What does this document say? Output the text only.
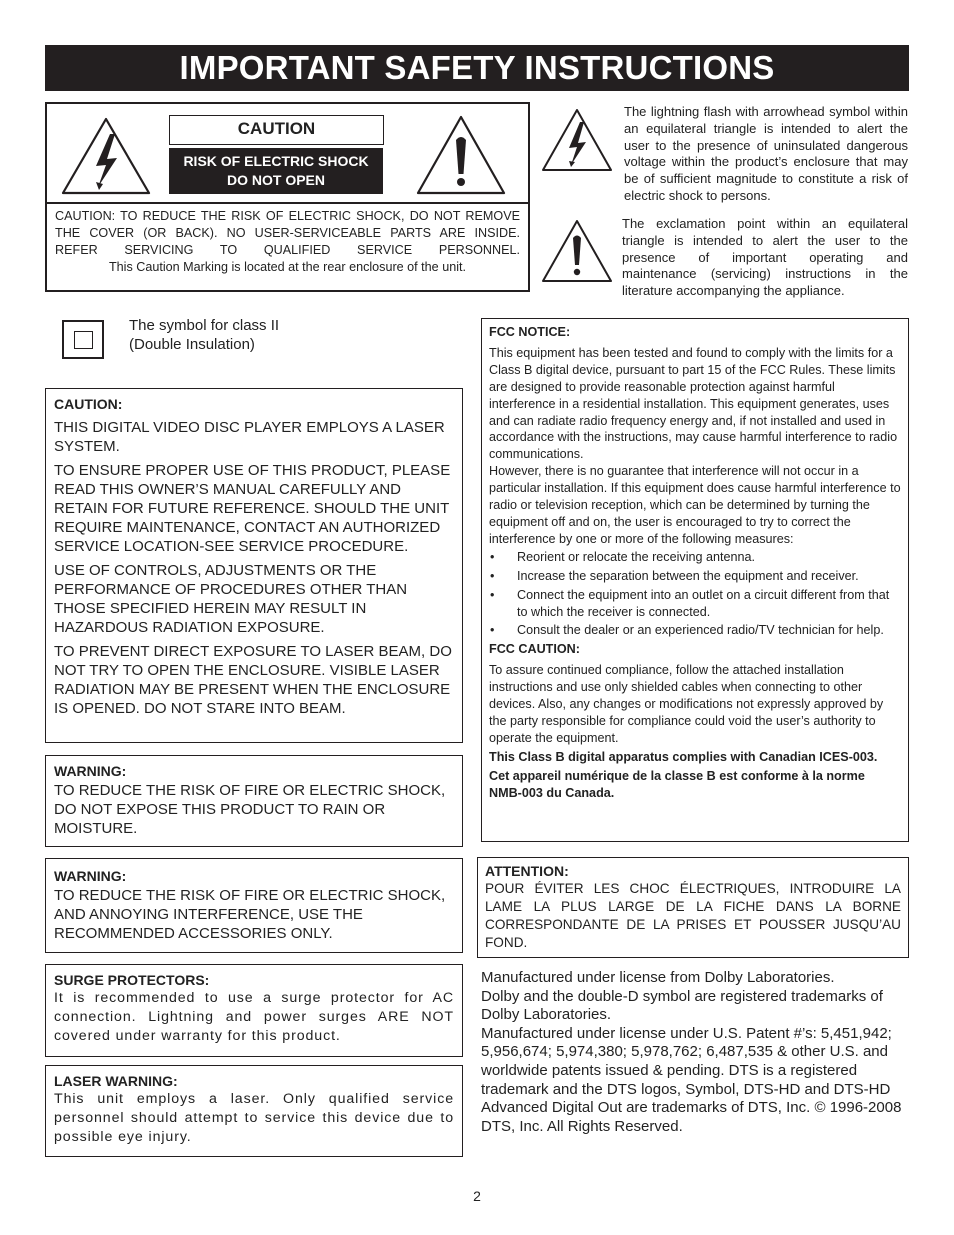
IMPORTANT SAFETY INSTRUCTIONS
CAUTION
RISK OF ELECTRIC SHOCK
DO NOT OPEN
CAUTION: TO REDUCE THE RISK OF ELECTRIC SHOCK, DO NOT REMOVE THE COVER (OR BACK). NO USER-SERVICEABLE PARTS ARE INSIDE. REFER SERVICING TO QUALIFIED SERVICE PERSONNEL.
This Caution Marking is located at the rear enclosure of the unit.
The lightning flash with arrowhead symbol within an equilateral triangle is intended to alert the user to the presence of uninsulated dangerous voltage within the product’s enclosure that may be of sufficient magnitude to constitute a risk of electric shock to persons.
The exclamation point within an equilateral triangle is intended to alert the user to the presence of important operating and maintenance (servicing) instructions in the literature accompanying the appliance.
The symbol for class II
(Double Insulation)
CAUTION:

THIS DIGITAL VIDEO DISC PLAYER EMPLOYS A LASER SYSTEM.

TO ENSURE PROPER USE OF THIS PRODUCT, PLEASE READ THIS OWNER’S MANUAL CAREFULLY AND RETAIN FOR FUTURE REFERENCE. SHOULD THE UNIT REQUIRE MAINTENANCE, CONTACT AN AUTHORIZED SERVICE LOCATION-SEE SERVICE PROCEDURE.

USE OF CONTROLS, ADJUSTMENTS OR THE PERFORMANCE OF PROCEDURES OTHER THAN THOSE SPECIFIED HEREIN MAY RESULT IN HAZARDOUS RADIATION EXPOSURE.

TO PREVENT DIRECT EXPOSURE TO LASER BEAM, DO NOT TRY TO OPEN THE ENCLOSURE. VISIBLE LASER RADIATION MAY BE PRESENT WHEN THE ENCLOSURE IS OPENED. DO NOT STARE INTO BEAM.

WARNING:

TO REDUCE THE RISK OF FIRE OR ELECTRIC SHOCK, DO NOT EXPOSE THIS PRODUCT TO RAIN OR MOISTURE.

WARNING:

TO REDUCE THE RISK OF FIRE OR ELECTRIC SHOCK, AND ANNOYING INTERFERENCE, USE THE RECOMMENDED ACCESSORIES ONLY.

SURGE PROTECTORS:

It is recommended to use a surge protector for AC connection. Lightning and power surges ARE NOT covered under warranty for this product.

LASER WARNING:

This unit employs a laser. Only qualified service personnel should attempt to service this device due to possible eye injury.

FCC NOTICE:

This equipment has been tested and found to comply with the limits for a Class B digital device, pursuant to part 15 of the FCC Rules. These limits are designed to provide reasonable protection against harmful interference in a residential installation. This equipment generates, uses and can radiate radio frequency energy and, if not installed and used in accordance with the instructions, may cause harmful interference to radio communications.

However, there is no guarantee that interference will not occur in a particular installation. If this equipment does cause harmful interference to radio or television reception, which can be determined by turning the equipment off and on, the user is encouraged to try to correct the interference by one or more of the following measures:

• Reorient or relocate the receiving antenna.
• Increase the separation between the equipment and receiver.
• Connect the equipment into an outlet on a circuit different from that to which the receiver is connected.
• Consult the dealer or an experienced radio/TV technician for help.
FCC CAUTION:

To assure continued compliance, follow the attached installation instructions and use only shielded cables when connecting to other devices. Also, any changes or modifications not expressly approved by the party responsible for compliance could void the user’s authority to operate the equipment.

This Class B digital apparatus complies with Canadian ICES-003.

Cet appareil numérique de la classe B est conforme à la norme NMB-003 du Canada.

ATTENTION:

POUR ÉVITER LES CHOC ÉLECTRIQUES, INTRODUIRE LA LAME LA PLUS LARGE DE LA FICHE DANS LA BORNE CORRESPONDANTE DE LA PRISES ET POUSSER JUSQU’AU FOND.

Manufactured under license from Dolby Laboratories.
Dolby and the double-D symbol are registered trademarks of Dolby Laboratories.
Manufactured under license under U.S. Patent #’s: 5,451,942; 5,956,674; 5,974,380; 5,978,762; 6,487,535 & other U.S. and worldwide patents issued & pending. DTS is a registered trademark and the DTS logos, Symbol, DTS-HD and DTS-HD Advanced Digital Out are trademarks of DTS, Inc. © 1996-2008 DTS, Inc. All Rights Reserved.
2
